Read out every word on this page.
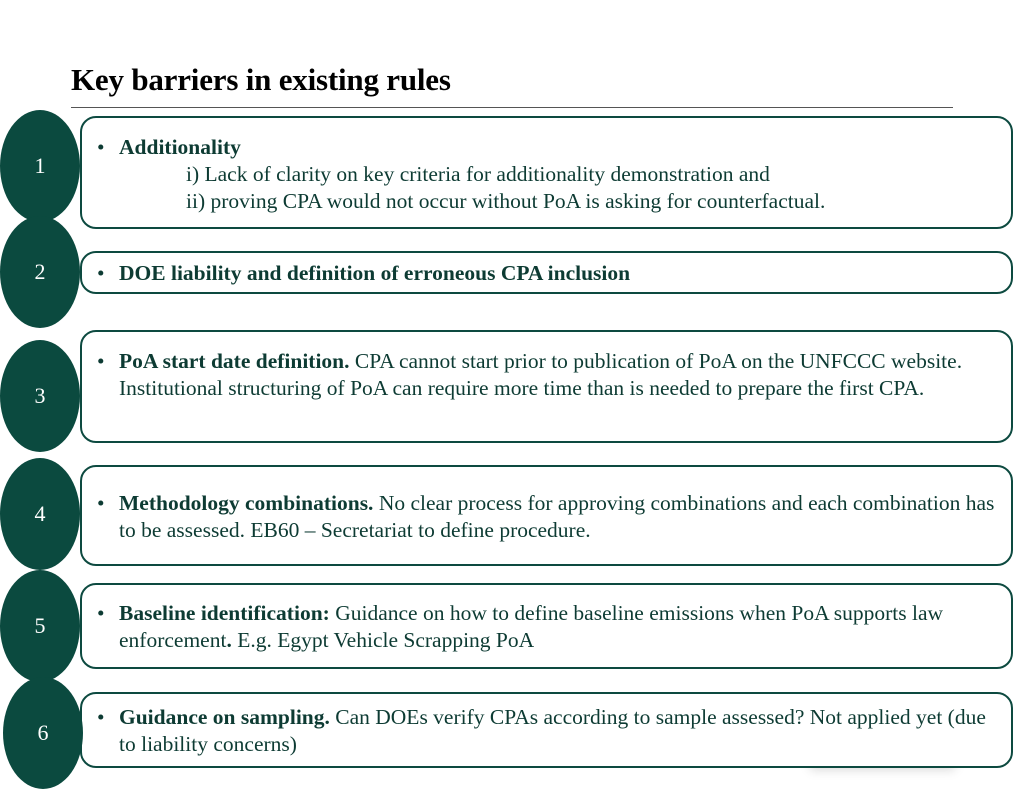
Key barriers in existing rules
• Additionality
i) Lack of clarity on key criteria for additionality demonstration and
ii) proving CPA would not occur without PoA is asking for counterfactual.
• DOE liability and definition of erroneous CPA inclusion
• PoA start date definition. CPA cannot start prior to publication of PoA on the UNFCCC website. Institutional structuring of PoA can require more time than is needed to prepare the first CPA.
• Methodology combinations. No clear process for approving combinations and each combination has to be assessed. EB60 – Secretariat to define procedure.
• Baseline identification: Guidance on how to define baseline emissions when PoA supports law enforcement. E.g. Egypt Vehicle Scrapping PoA
• Guidance on sampling. Can DOEs verify CPAs according to sample assessed? Not applied yet (due to liability concerns)
1
2
3
4
5
6
